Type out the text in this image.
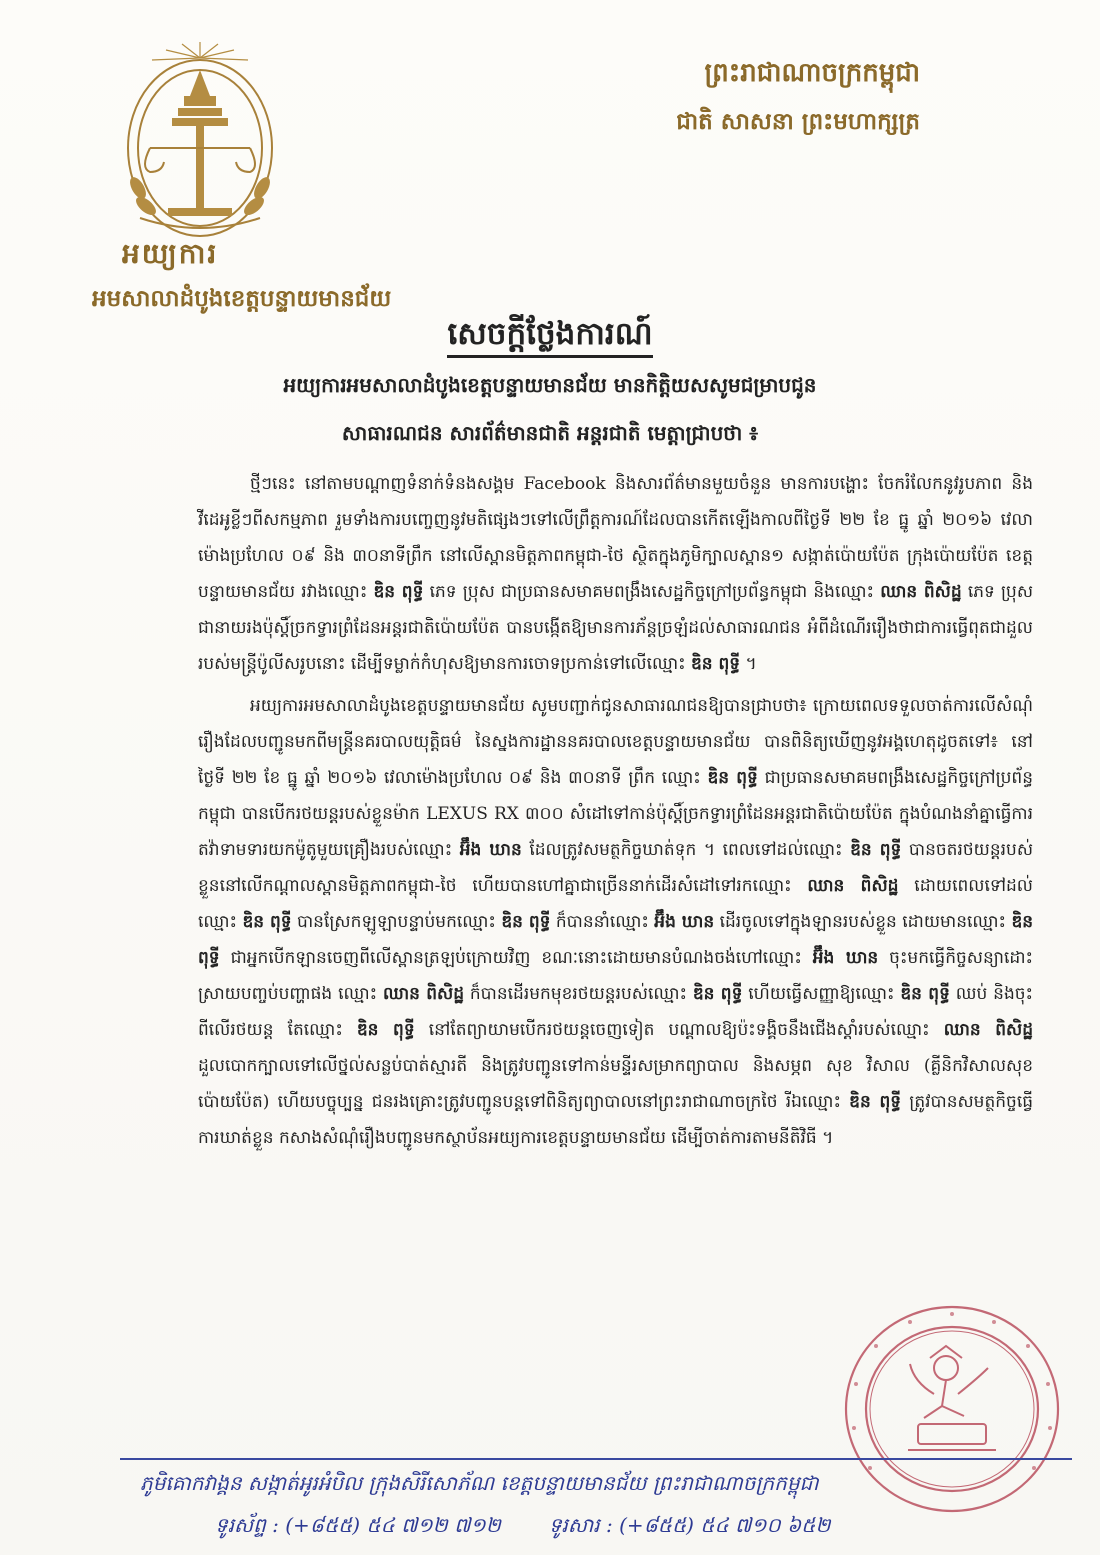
អយ្យការ
អមសាលាដំបូងខេត្តបន្ទាយមានជ័យ
ព្រះរាជាណាចក្រកម្ពុជា
ជាតិ សាសនា ព្រះមហាក្សត្រ
សេចក្តីថ្លែងការណ៍
អយ្យការអមសាលាដំបូងខេត្តបន្ទាយមានជ័យ មានកិត្តិយសសូមជម្រាបជូន
សាធារណជន សារព័ត៌មានជាតិ អន្តរជាតិ មេត្តាជ្រាបថា ៖

ថ្មីៗនេះ នៅតាមបណ្តាញទំនាក់ទំនងសង្គម Facebook និងសារព័ត៌មានមួយចំនួន មានការបង្ហោះ ចែករំលែកនូវរូបភាព និងវីដេអូខ្លីៗពីសកម្មភាព រួមទាំងការបញ្ចេញនូវមតិផ្សេងៗទៅលើព្រឹត្តការណ៍ដែលបានកើតឡើងកាលពីថ្ងៃទី ២២ ខែ ធ្នូ ឆ្នាំ ២០១៦ វេលាម៉ោងប្រហែល ០៩ និង ៣០នាទីព្រឹក នៅលើស្ពានមិត្តភាពកម្ពុជា-ថៃ ស្ថិតក្នុងភូមិក្បាលស្ពាន១ សង្កាត់ប៉ោយប៉ែត ក្រុងប៉ោយប៉ែត ខេត្តបន្ទាយមានជ័យ រវាងឈ្មោះ ឌិន ពុទ្ធី ភេទ ប្រុស ជាប្រធានសមាគមពង្រឹងសេដ្ឋកិច្ចក្រៅប្រព័ន្ធកម្ពុជា និងឈ្មោះ ឈាន ពិសិដ្ឋ ភេទ ប្រុស ជានាយរងប៉ុស្តិ៍ច្រកទ្វារព្រំដែនអន្តរជាតិប៉ោយប៉ែត បានបង្កើតឱ្យមានការភ័ន្តច្រឡំដល់សាធារណជន អំពីដំណើររឿងថាជាការធ្វើពុតជាដួលរបស់មន្ត្រីប៉ូលីសរូបនោះ ដើម្បីទម្លាក់កំហុសឱ្យមានការចោទប្រកាន់ទៅលើឈ្មោះ ឌិន ពុទ្ធី ។

អយ្យការអមសាលាដំបូងខេត្តបន្ទាយមានជ័យ សូមបញ្ជាក់ជូនសាធារណជនឱ្យបានជ្រាបថា៖ ក្រោយពេលទទួលចាត់ការលើសំណុំរឿងដែលបញ្ជូនមកពីមន្ត្រីនគរបាលយុត្តិធម៌ នៃស្នងការដ្ឋាននគរបាលខេត្តបន្ទាយមានជ័យ បានពិនិត្យឃើញនូវអង្គហេតុដូចតទៅ៖ នៅថ្ងៃទី ២២ ខែ ធ្នូ ឆ្នាំ ២០១៦ វេលាម៉ោងប្រហែល ០៩ និង ៣០នាទី ព្រឹក ឈ្មោះ ឌិន ពុទ្ធី ជាប្រធានសមាគមពង្រឹងសេដ្ឋកិច្ចក្រៅប្រព័ន្ធកម្ពុជា បានបើករថយន្តរបស់ខ្លួនម៉ាក LEXUS RX ៣០០ សំដៅទៅកាន់ប៉ុស្តិ៍ច្រកទ្វារព្រំដែនអន្តរជាតិប៉ោយប៉ែត ក្នុងបំណងនាំគ្នាធ្វើការតវ៉ាទាមទារយកម៉ូតូមួយគ្រឿងរបស់ឈ្មោះ អ៊ឹង ឃាន ដែលត្រូវសមត្ថកិច្ចឃាត់ទុក ។ ពេលទៅដល់ឈ្មោះ ឌិន ពុទ្ធី បានចតរថយន្តរបស់ខ្លួននៅលើកណ្តាលស្ពានមិត្តភាពកម្ពុជា-ថៃ ហើយបានហៅគ្នាជាច្រើននាក់ដើរសំដៅទៅរកឈ្មោះ ឈាន ពិសិដ្ឋ ដោយពេលទៅដល់ ឈ្មោះ ឌិន ពុទ្ធី បានស្រែកឡូឡាបន្ទាប់មកឈ្មោះ ឌិន ពុទ្ធី ក៏បាននាំឈ្មោះ អ៊ឹង ឃាន ដើរចូលទៅក្នុងឡានរបស់ខ្លួន ដោយមានឈ្មោះ ឌិន ពុទ្ធី ជាអ្នកបើកឡានចេញពីលើស្ពានត្រឡប់ក្រោយវិញ ខណៈនោះដោយមានបំណងចង់ហៅឈ្មោះ អ៊ឹង ឃាន ចុះមកធ្វើកិច្ចសន្យាដោះស្រាយបញ្ចប់បញ្ហាផង ឈ្មោះ ឈាន ពិសិដ្ឋ ក៏បានដើរមកមុខរថយន្តរបស់ឈ្មោះ ឌិន ពុទ្ធី ហើយធ្វើសញ្ញាឱ្យឈ្មោះ ឌិន ពុទ្ធី ឈប់ និងចុះពីលើរថយន្ត តែឈ្មោះ ឌិន ពុទ្ធី នៅតែព្យាយាមបើករថយន្តចេញទៀត បណ្តាលឱ្យប៉ះទង្គិចនឹងជើងស្តាំរបស់ឈ្មោះ ឈាន ពិសិដ្ឋ ដួលបោកក្បាលទៅលើថ្នល់សន្លប់បាត់ស្មារតី និងត្រូវបញ្ជូនទៅកាន់មន្ទីរសម្រាកព្យាបាល និងសម្ភព សុខ វិសាល (គ្លីនិកវិសាលសុខ ប៉ោយប៉ែត) ហើយបច្ចុប្បន្ន ជនរងគ្រោះត្រូវបញ្ជូនបន្តទៅពិនិត្យព្យាបាលនៅព្រះរាជាណាចក្រថៃ រីឯឈ្មោះ ឌិន ពុទ្ធី ត្រូវបានសមត្ថកិច្ចធ្វើការឃាត់ខ្លួន កសាងសំណុំរឿងបញ្ជូនមកស្ថាប័នអយ្យការខេត្តបន្ទាយមានជ័យ ដើម្បីចាត់ការតាមនីតិវិធី ។

ភូមិគោកវាង្គន សង្កាត់អូរអំបិល ក្រុងសិរីសោភ័ណ ខេត្តបន្ទាយមានជ័យ ព្រះរាជាណាចក្រកម្ពុជា
ទូរស័ព្ទ : (+៨៥៥) ៥៤ ៧១២ ៧១២ ទូរសារ : (+៨៥៥) ៥៤ ៧១០ ៦៥២
